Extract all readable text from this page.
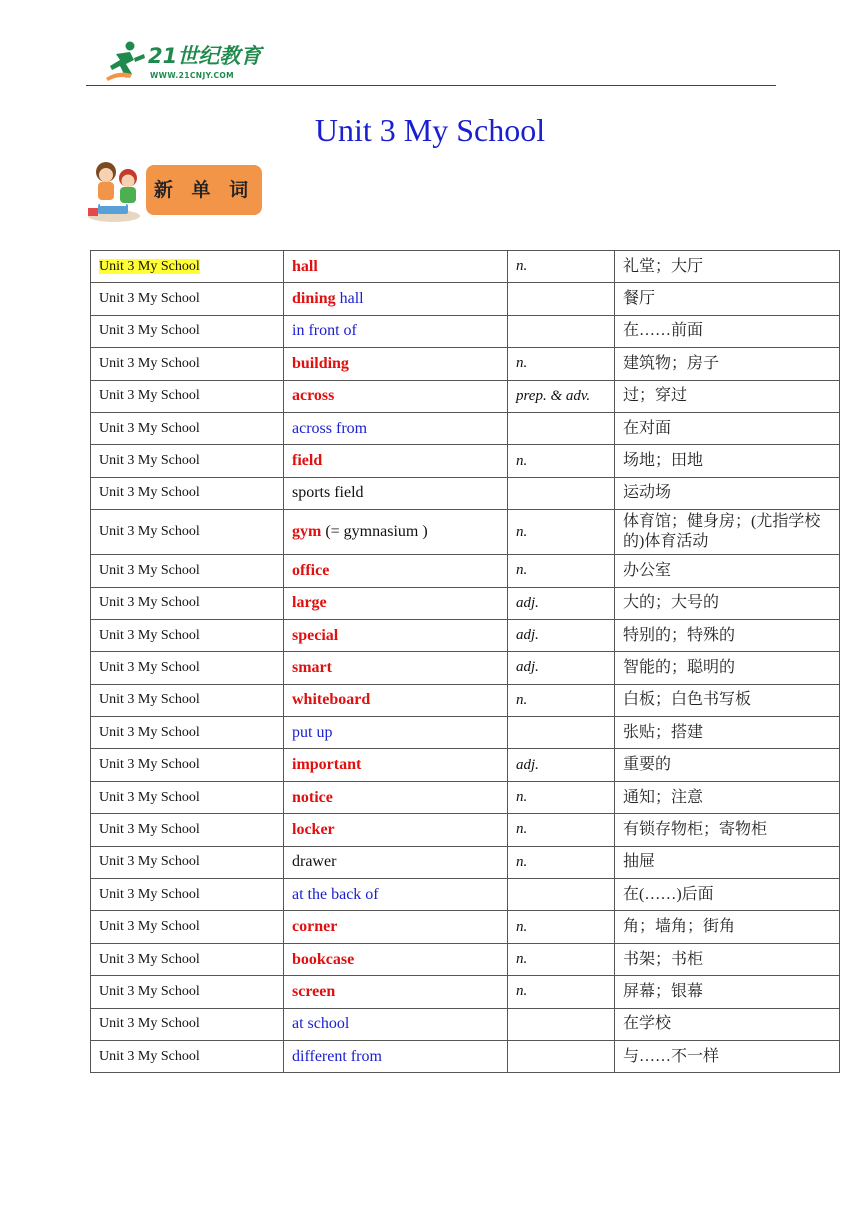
21世纪教育
WWW.21CNJY.COM
Unit 3 My School
新 单 词
Unit 3 My School	hall	n.	礼堂；大厅
Unit 3 My School	dining hall		餐厅
Unit 3 My School	in front of		在……前面
Unit 3 My School	building	n.	建筑物；房子
Unit 3 My School	across	prep. & adv.	过；穿过
Unit 3 My School	across from		在对面
Unit 3 My School	field	n.	场地；田地
Unit 3 My School	sports field		运动场
Unit 3 My School	gym (= gymnasium )	n.	体育馆；健身房；(尤指学校的)体育活动
Unit 3 My School	office	n.	办公室
Unit 3 My School	large	adj.	大的；大号的
Unit 3 My School	special	adj.	特别的；特殊的
Unit 3 My School	smart	adj.	智能的；聪明的
Unit 3 My School	whiteboard	n.	白板；白色书写板
Unit 3 My School	put up		张贴；搭建
Unit 3 My School	important	adj.	重要的
Unit 3 My School	notice	n.	通知；注意
Unit 3 My School	locker	n.	有锁存物柜；寄物柜
Unit 3 My School	drawer	n.	抽屉
Unit 3 My School	at the back of		在(……)后面
Unit 3 My School	corner	n.	角；墙角；街角
Unit 3 My School	bookcase	n.	书架；书柜
Unit 3 My School	screen	n.	屏幕；银幕
Unit 3 My School	at school		在学校
Unit 3 My School	different from		与……不一样
